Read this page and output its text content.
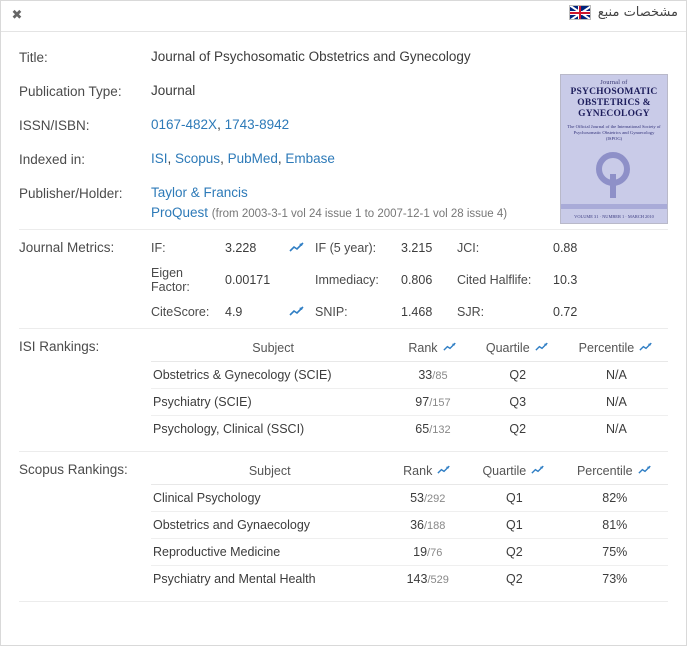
✖	مشخصات منبع
Journal of
PSYCHOSOMATIC OBSTETRICS & GYNECOLOGY
The Official Journal of the International Society of Psychosomatic Obstetrics and Gynaecology (ISPOG)
VOLUME 31 · NUMBER 1 · MARCH 2010
Title:	Journal of Psychosomatic Obstetrics and Gynecology
Publication Type:	Journal
ISSN/ISBN:	0167-482X, 1743-8942
Indexed in:	ISI, Scopus, PubMed, Embase
Publisher/Holder:	Taylor & Francis
ProQuest (from 2003-3-1 vol 24 issue 1 to 2007-12-1 vol 28 issue 4)
Journal Metrics:	IF:	3.228	IF (5 year):	3.215	JCI:	0.88
Eigen Factor:	0.00171	Immediacy:	0.806	Cited Halflife:	10.3
CiteScore:	4.9	SNIP:	1.468	SJR:	0.72
ISI Rankings:	Subject	Rank	Quartile	Percentile

Obstetrics & Gynecology (SCIE)	33/85	Q2	N/A
Psychiatry (SCIE)	97/157	Q3	N/A
Psychology, Clinical (SSCI)	65/132	Q2	N/A
Scopus Rankings:	Subject	Rank	Quartile	Percentile

Clinical Psychology	53/292	Q1	82%
Obstetrics and Gynaecology	36/188	Q1	81%
Reproductive Medicine	19/76	Q2	75%
Psychiatry and Mental Health	143/529	Q2	73%
